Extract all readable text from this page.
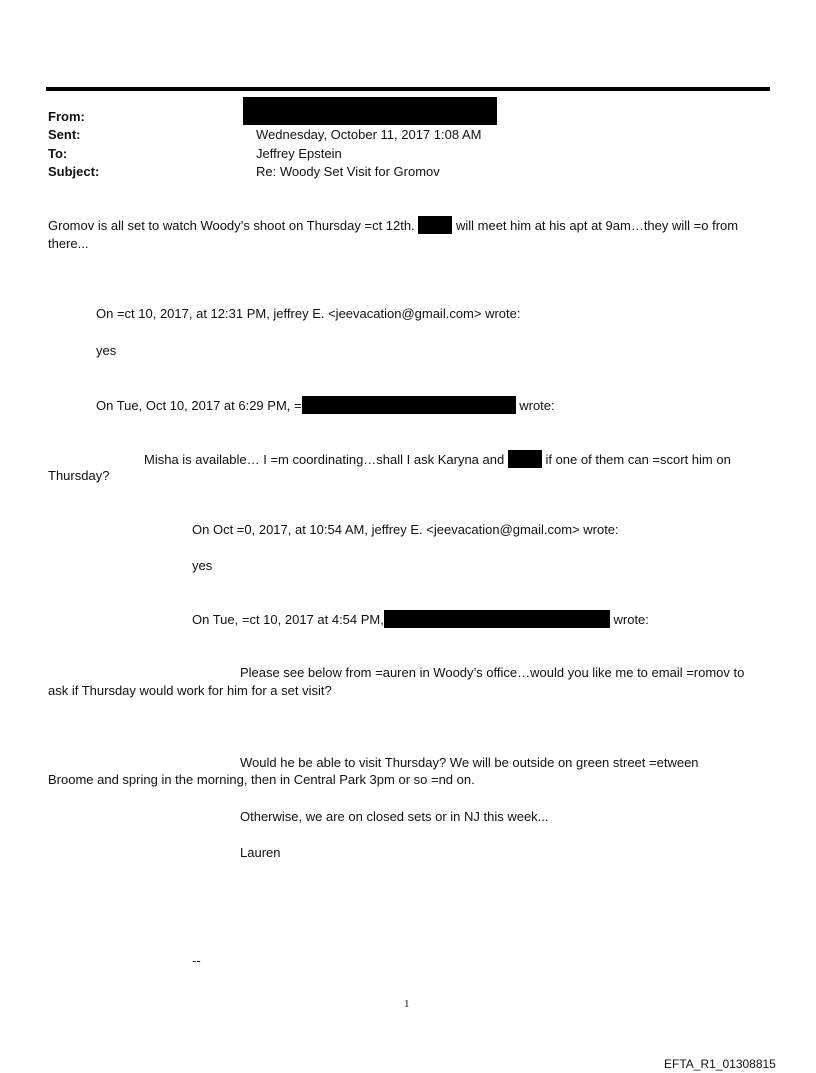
From:
Sent:	Wednesday, October 11, 2017 1:08 AM
To:	Jeffrey Epstein
Subject:	Re: Woody Set Visit for Gromov
Gromov is all set to watch Woody’s shoot on Thursday =ct 12th.	will meet him at his apt at 9am…they will =o from
there...
On =ct 10, 2017, at 12:31 PM, jeffrey E. <jeevacation@gmail.com> wrote:
yes
On Tue, Oct 10, 2017 at 6:29 PM, =	wrote:
Misha is available… I =m coordinating…shall I ask Karyna and	if one of them can =scort him on
Thursday?
On Oct =0, 2017, at 10:54 AM, jeffrey E. <jeevacation@gmail.com> wrote:
yes
On Tue, =ct 10, 2017 at 4:54 PM,	wrote:
Please see below from =auren in Woody’s office…would you like me to email =romov to
ask if Thursday would work for him for a set visit?
Would he be able to visit Thursday? We will be outside on green street =etween
Broome and spring in the morning, then in Central Park 3pm or so =nd on.
Otherwise, we are on closed sets or in NJ this week...
Lauren
--
1
EFTA_R1_01308815
